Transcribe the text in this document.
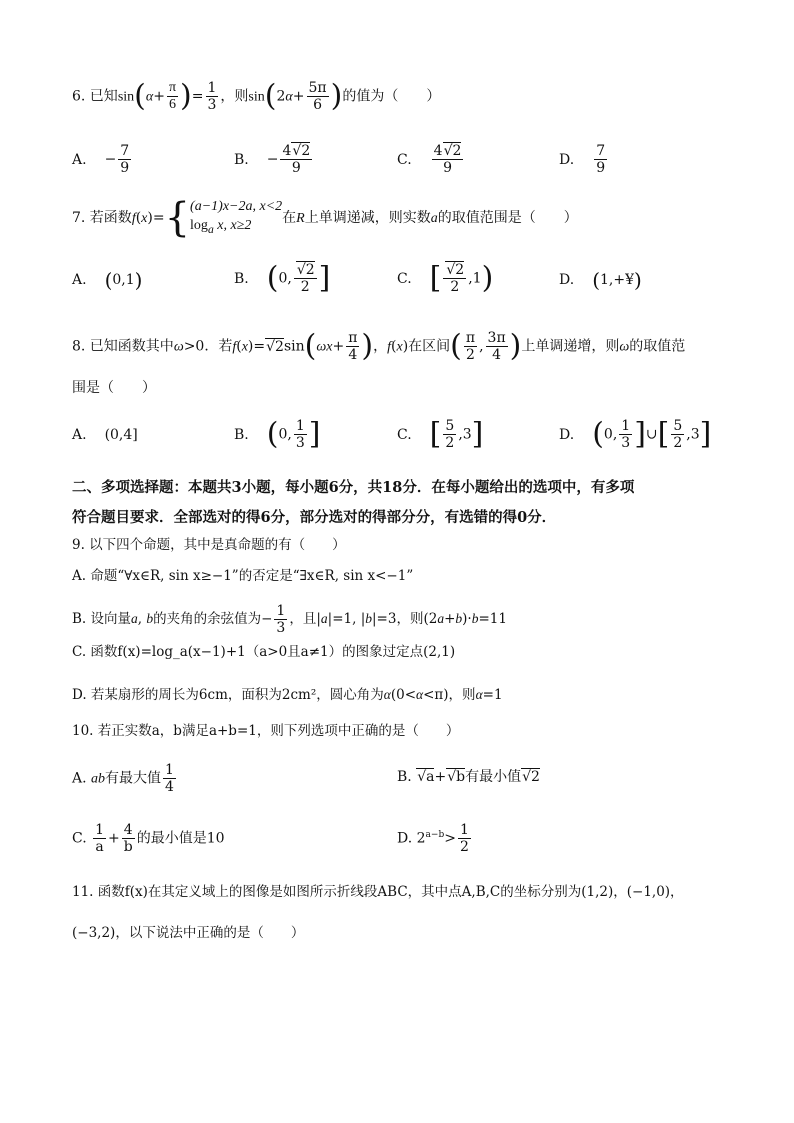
6. 已知$\sin(\alpha+ \frac{\pi}{6}$ )= $\frac{1}{3}$ ，则$\sin(2\alpha+ \frac{5\pi}{6}$ )的值为（　　）
A. − $\frac{7}{9}$	B. − $\frac{4√2}{9}$	C. $\frac{4√2}{9}$	D. $\frac{7}{9}$
7. 若函数f(x)={ (a−1)x−2a, x<2
$\log_a x$, x≥2	在R上单调递减，则实数a的取值范围是（　　）
A. (0,1)	B. (0, $\frac{√2}{2}$ ]	C. [ $\frac{√2}{2} ,1$)	D. (1,+¥)
8. 已知函数其中ω>0．若$f(x)=√2\sin(\omega x+ \frac{\pi}{4}$ )，f(x)在区间( $\frac{\pi}{2}$ , $\frac{3\pi}{4}$ )上单调递增，则ω的取值范
围是（　　）
A. (0,4]	B. (0, $\frac{1}{3}$ ]	C. [ $\frac{5}{2} ,3$]	D. (0, $\frac{1}{3}$ ]∪[ $\frac{5}{2} ,3$]
二、多项选择题：本题共3小题，每小题6分，共18分．在每小题给出的选项中，有多项
符合题目要求．全部选对的得6分，部分选对的得部分分，有选错的得0分．
9. 以下四个命题，其中是真命题的有（　　）
A. 命题“∀x∈R, sin x≥−1”的否定是“∃x∈R, sin x<−1”
B. 设向量a, b的夹角的余弦值为− $\frac{1}{3}$ ，且|a|=1, |b|=3，则(2a+b)·b=11
C. 函数f(x)=log_a(x−1)+1（a>0且a≠1）的图象过定点(2,1)
D. 若某扇形的周长为6cm，面积为2cm²，圆心角为α(0<α<π)，则α=1
10. 若正实数a，b满足a+b=1，则下列选项中正确的是（　　）
A. ab有最大值 $\frac{1}{4}$	B. √a+√b有最小值√2
C. $\frac{1}{a} + \frac{4}{b}$ 的最小值是10	D. $2^{a-b}> \frac{1}{2}$
11. 函数f(x)在其定义域上的图像是如图所示折线段ABC，其中点A,B,C的坐标分别为(1,2)，(−1,0)，
(−3,2)，以下说法中正确的是（　　）
